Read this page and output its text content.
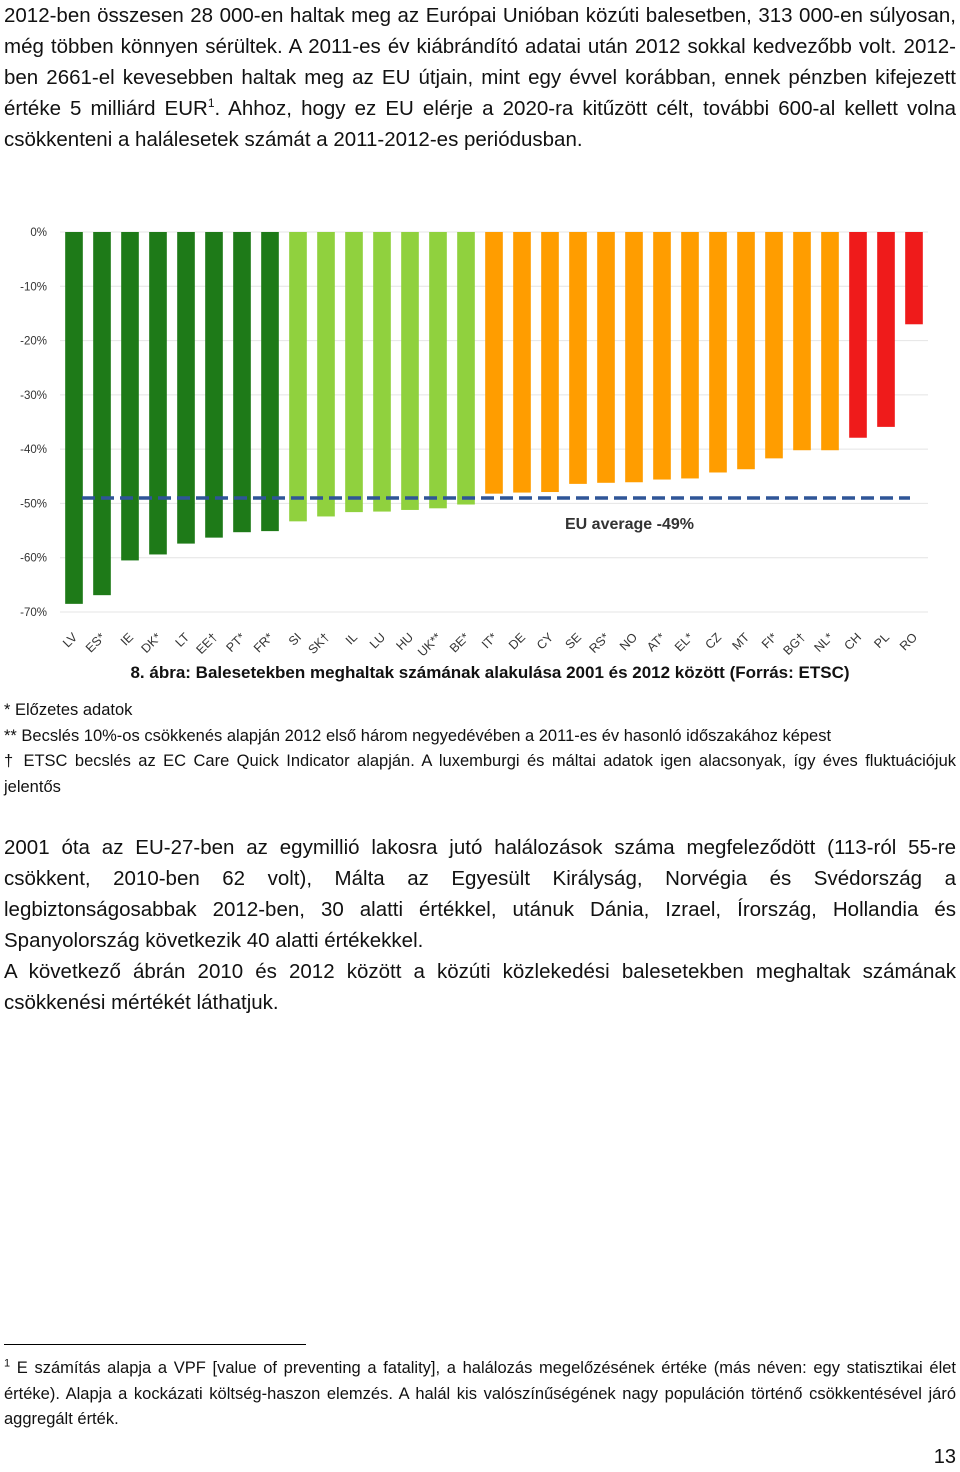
2012-ben összesen 28 000-en haltak meg az Európai Unióban közúti balesetben, 313 000-en súlyosan, még többen könnyen sérültek. A 2011-es év kiábrándító adatai után 2012 sokkal kedvezőbb volt. 2012-ben 2661-el kevesebben haltak meg az EU útjain, mint egy évvel korábban, ennek pénzben kifejezett értéke 5 milliárd EUR$^1$. Ahhoz, hogy ez EU elérje a 2020-ra kitűzött célt, további 600-al kellett volna csökkenteni a halálesetek számát a 2011-2012-es periódusban.

EU average -49%
0%
-10%
-20%
-30%
-40%
-50%
-60%
-70%
LV ES* IE DK* LT EE† PT* FR* SI SK† IL LU HU
UK** BE* IT* DE CY SE RS* NO AT* EL* CZ MT FI* BG† NL* CH PL RO

8. ábra: Balesetekben meghaltak számának alakulása 2001 és 2012 között (Forrás: ETSC)

* Előzetes adatok

** Becslés 10%-os csökkenés alapján 2012 első három negyedévében a 2011-es év hasonló időszakához képest

† ETSC becslés az EC Care Quick Indicator alapján. A luxemburgi és máltai adatok igen alacsonyak, így éves fluktuációjuk jelentős

2001 óta az EU-27-ben az egymillió lakosra jutó halálozások száma megfeleződött (113-ról 55-re csökkent, 2010-ben 62 volt), Málta az Egyesült Királyság, Norvégia és Svédország a legbiztonságosabbak 2012-ben, 30 alatti értékkel, utánuk Dánia, Izrael, Írország, Hollandia és Spanyolország következik 40 alatti értékekkel.

A következő ábrán 2010 és 2012 között a közúti közlekedési balesetekben meghaltak számának csökkenési mértékét láthatjuk.

$^1$ E számítás alapja a VPF [value of preventing a fatality], a halálozás megelőzésének értéke (más néven: egy statisztikai élet értéke). Alapja a kockázati költség-haszon elemzés. A halál kis valószínűségének nagy populáción történő csökkentésével járó aggregált érték.

13
